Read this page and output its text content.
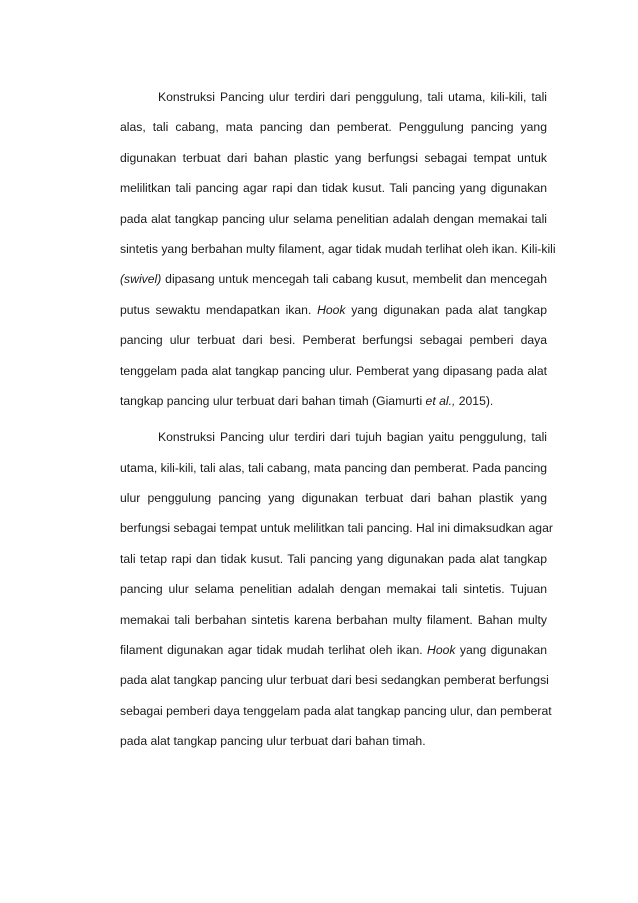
Konstruksi Pancing ulur terdiri dari penggulung, tali utama, kili-kili, tali
alas, tali cabang, mata pancing dan pemberat. Penggulung pancing yang
digunakan terbuat dari bahan plastic yang berfungsi sebagai tempat untuk
melilitkan tali pancing agar rapi dan tidak kusut. Tali pancing yang digunakan
pada alat tangkap pancing ulur selama penelitian adalah dengan memakai tali
sintetis yang berbahan multy filament, agar tidak mudah terlihat oleh ikan. Kili-kili
(swivel) dipasang untuk mencegah tali cabang kusut, membelit dan mencegah
putus sewaktu mendapatkan ikan. Hook yang digunakan pada alat tangkap
pancing ulur terbuat dari besi. Pemberat berfungsi sebagai pemberi daya
tenggelam pada alat tangkap pancing ulur. Pemberat yang dipasang pada alat
tangkap pancing ulur terbuat dari bahan timah (Giamurti et al., 2015).

Konstruksi Pancing ulur terdiri dari tujuh bagian yaitu penggulung, tali
utama, kili-kili, tali alas, tali cabang, mata pancing dan pemberat. Pada pancing
ulur penggulung pancing yang digunakan terbuat dari bahan plastik yang
berfungsi sebagai tempat untuk melilitkan tali pancing. Hal ini dimaksudkan agar
tali tetap rapi dan tidak kusut. Tali pancing yang digunakan pada alat tangkap
pancing ulur selama penelitian adalah dengan memakai tali sintetis. Tujuan
memakai tali berbahan sintetis karena berbahan multy filament. Bahan multy
filament digunakan agar tidak mudah terlihat oleh ikan. Hook yang digunakan
pada alat tangkap pancing ulur terbuat dari besi sedangkan pemberat berfungsi
sebagai pemberi daya tenggelam pada alat tangkap pancing ulur, dan pemberat
pada alat tangkap pancing ulur terbuat dari bahan timah.
